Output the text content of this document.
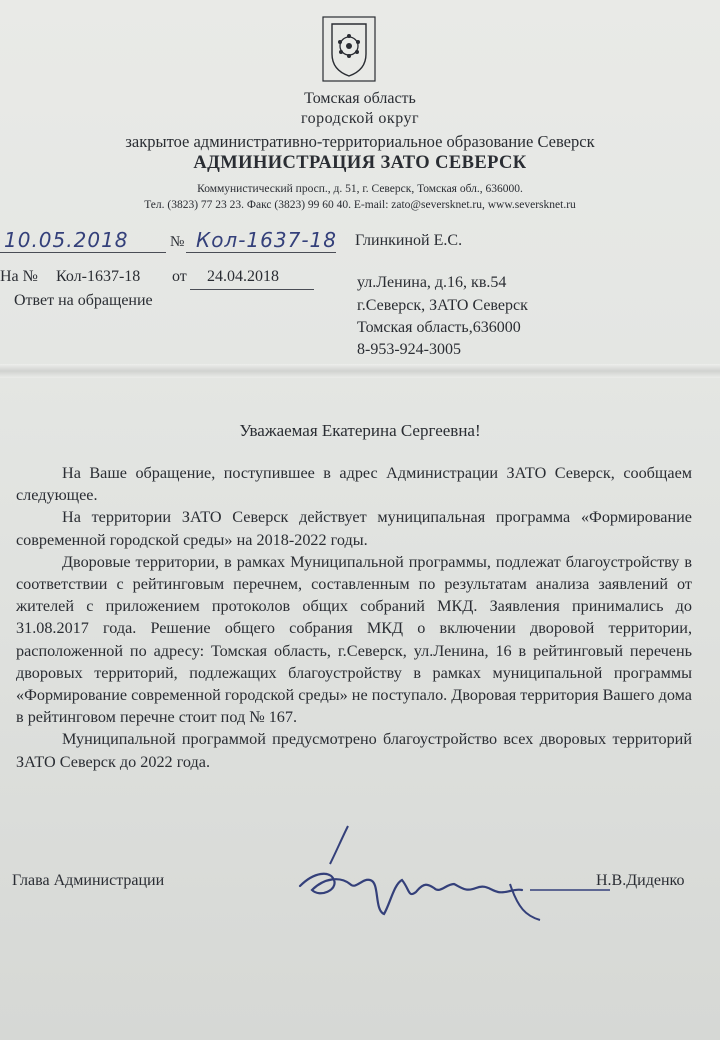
Томская область
городской округ
закрытое административно-территориальное образование Северск
АДМИНИСТРАЦИЯ ЗАТО СЕВЕРСК
Коммунистический просп., д. 51, г. Северск, Томская обл., 636000.
Тел. (3823) 77 23 23. Факс (3823) 99 60 40. E-mail: zato@seversknet.ru, www.seversknet.ru
10.05.2018	№ Кол-1637-18
На № Кол-1637-18 от 24.04.2018
Ответ на обращение
Глинкиной Е.С.
ул.Ленина, д.16, кв.54
г.Северск, ЗАТО Северск
Томская область,636000
8-953-924-3005
Уважаемая Екатерина Сергеевна!

На Ваше обращение, поступившее в адрес Администрации ЗАТО Северск, сообщаем следующее.

На территории ЗАТО Северск действует муниципальная программа «Формирование современной городской среды» на 2018-2022 годы.

Дворовые территории, в рамках Муниципальной программы, подлежат благоустройству в соответствии с рейтинговым перечнем, составленным по результатам анализа заявлений от жителей с приложением протоколов общих собраний МКД. Заявления принимались до 31.08.2017 года. Решение общего собрания МКД о включении дворовой территории, расположенной по адресу: Томская область, г.Северск, ул.Ленина, 16 в рейтинговый перечень дворовых территорий, подлежащих благоустройству в рамках муниципальной программы «Формирование современной городской среды» не поступало. Дворовая территория Вашего дома в рейтинговом перечне стоит под № 167.

Муниципальной программой предусмотрено благоустройство всех дворовых территорий ЗАТО Северск до 2022 года.

Глава Администрации	Н.В.Диденко
